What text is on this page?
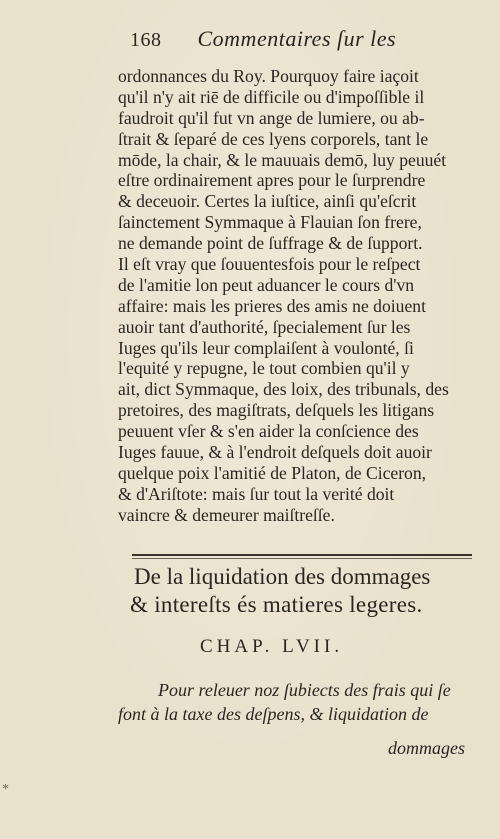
168 Commentaires ſur les
ordonnances du Roy. Pourquoy faire iaçoit
qu'il n'y ait riē de difficile ou d'impoſſible il
faudroit qu'il fut vn ange de lumiere, ou ab-
ſtrait & ſeparé de ces lyens corporels, tant le
mōde, la chair, & le mauuais demō, luy peuuét
eſtre ordinairement apres pour le ſurprendre
& deceuoir. Certes la iuſtice, ainſi qu'eſcrit
ſainctement Symmaque à Flauian ſon frere,
ne demande point de ſuffrage & de ſupport.
Il eſt vray que ſouuentesfois pour le reſpect
de l'amitie lon peut aduancer le cours d'vn
affaire: mais les prieres des amis ne doiuent
auoir tant d'authorité, ſpecialement ſur les
Iuges qu'ils leur complaiſent à voulonté, ſi
l'equité y repugne, le tout combien qu'il y
ait, dict Symmaque, des loix, des tribunals, des
pretoires, des magiſtrats, deſquels les litigans
peuuent vſer & s'en aider la conſcience des
Iuges fauue, & à l'endroit deſquels doit auoir
quelque poix l'amitié de Platon, de Ciceron,
& d'Ariſtote: mais ſur tout la verité doit
vaincre & demeurer maiſtreſſe.
De la liquidation des dommages
& intereſts és matieres legeres.
CHAP. LVII.
Pour releuer noz ſubiects des frais qui ſe
font à la taxe des deſpens, & liquidation de
dommages
*
